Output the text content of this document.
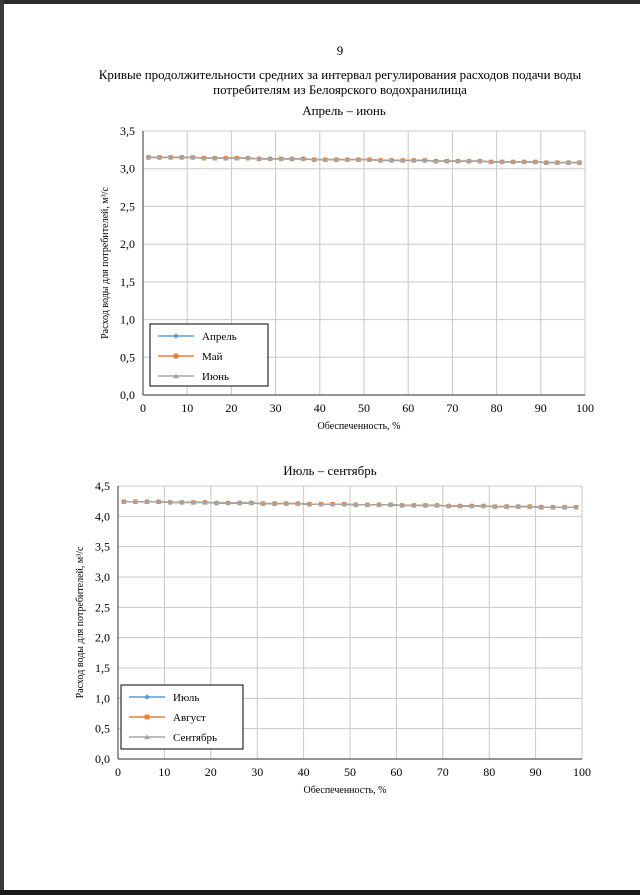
9
Кривые продолжительности средних за интервал регулирования расходов подачи воды
потребителям из Белоярского водохранилища
Апрель – июнь
0	10	20	30	40	50	60	70	80	90 100
0,0
0,5
1,0
1,5
2,0
2,5
3,0
3,5
Обеспеченность, %
Расход воды для потребителей, м³/с	Апрель
Май
Июнь
Июль – сентябрь
0	10	20	30	40	50	60	70	80	90	100
0,0
0,5
1,0
1,5
2,0
2,5
3,0
3,5
4,0
4,5
Обеспеченность, %
Расход воды для потребителей, м³/с	Июль
Август
Сентябрь
